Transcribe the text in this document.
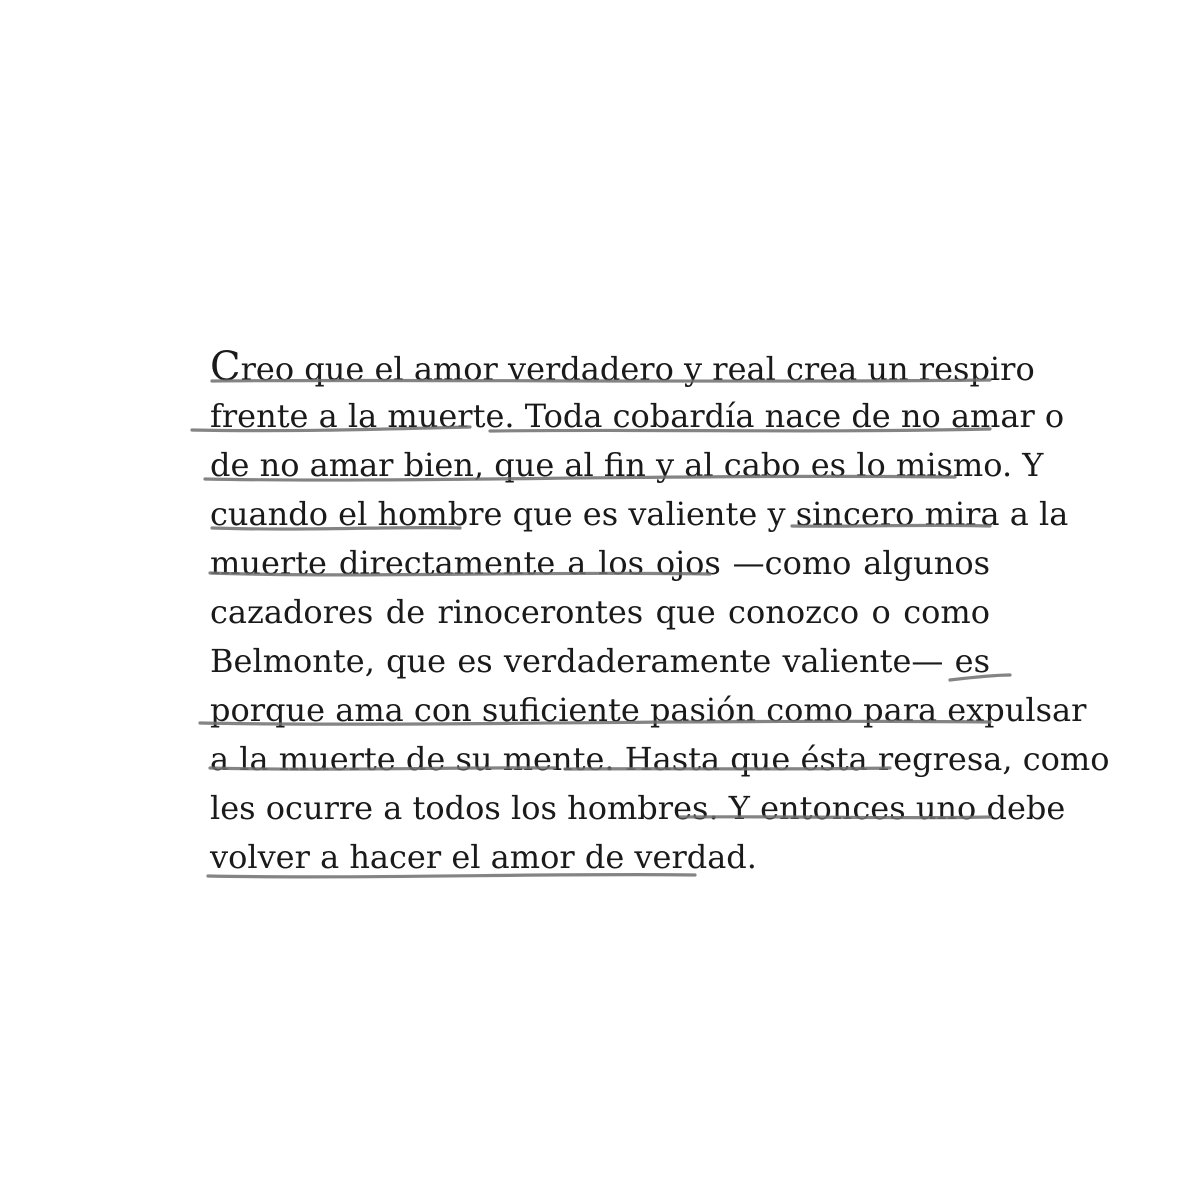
Creo que el amor verdadero y real crea un respiro
frente a la muerte. Toda cobardía nace de no amar o
de no amar bien, que al fin y al cabo es lo mismo. Y
cuando el hombre que es valiente y sincero mira a la
muerte directamente a los ojos —como algunos
cazadores de rinocerontes que conozco o como
Belmonte, que es verdaderamente valiente— es
porque ama con suficiente pasión como para expulsar
a la muerte de su mente. Hasta que ésta regresa, como
les ocurre a todos los hombres. Y entonces uno debe
volver a hacer el amor de verdad.
